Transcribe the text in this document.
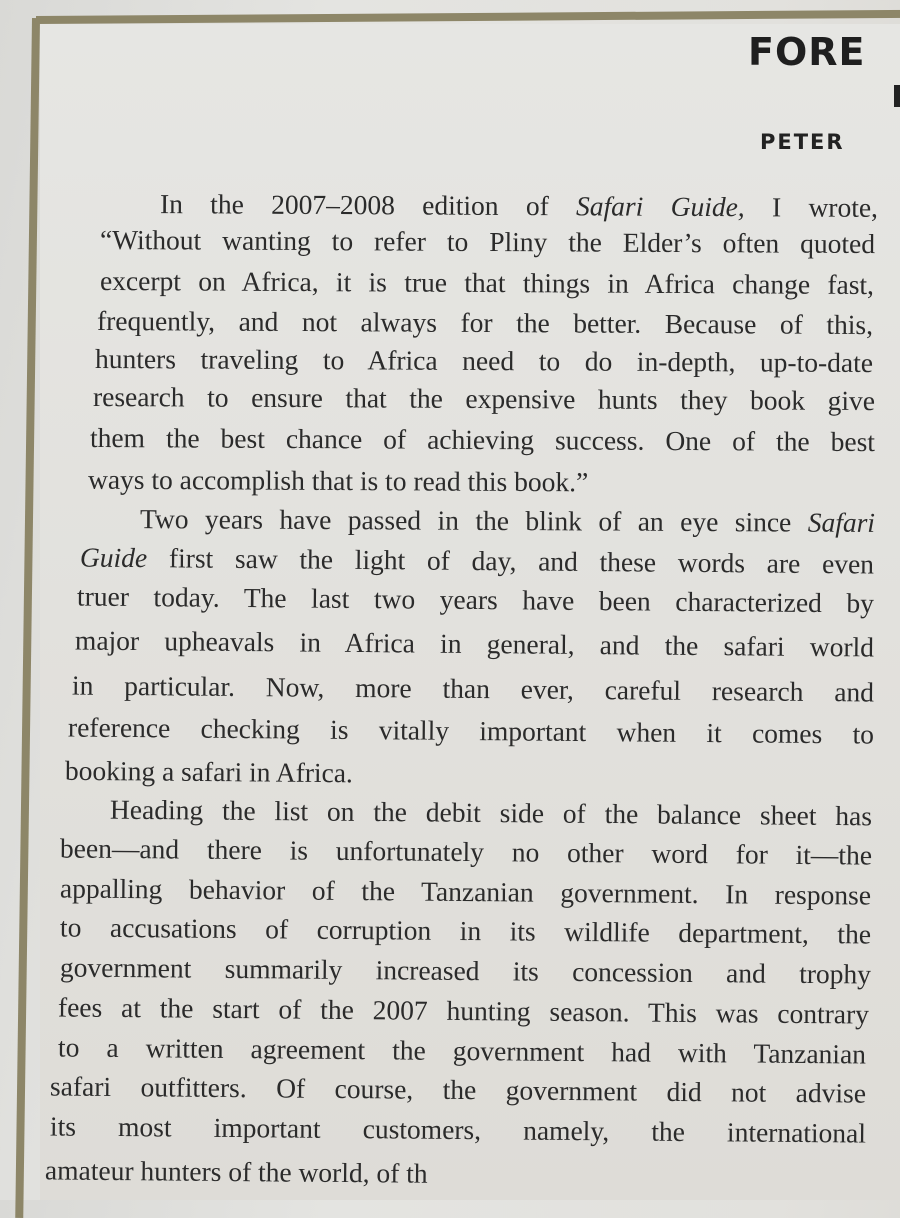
FORE
PETER
In the 2007–2008 edition of Safari Guide, I wrote,
“Without wanting to refer to Pliny the Elder’s often quoted
excerpt on Africa, it is true that things in Africa change fast,
frequently, and not always for the better. Because of this,
hunters traveling to Africa need to do in-depth, up-to-date
research to ensure that the expensive hunts they book give
them the best chance of achieving success. One of the best
ways to accomplish that is to read this book.”
Two years have passed in the blink of an eye since Safari
Guide first saw the light of day, and these words are even
truer today. The last two years have been characterized by
major upheavals in Africa in general, and the safari world
in particular. Now, more than ever, careful research and
reference checking is vitally important when it comes to
booking a safari in Africa.
Heading the list on the debit side of the balance sheet has
been—and there is unfortunately no other word for it—the
appalling behavior of the Tanzanian government. In response
to accusations of corruption in its wildlife department, the
government summarily increased its concession and trophy
fees at the start of the 2007 hunting season. This was contrary
to a written agreement the government had with Tanzanian
safari outfitters. Of course, the government did not advise
its most important customers, namely, the international
amateur hunters of the world, of th
